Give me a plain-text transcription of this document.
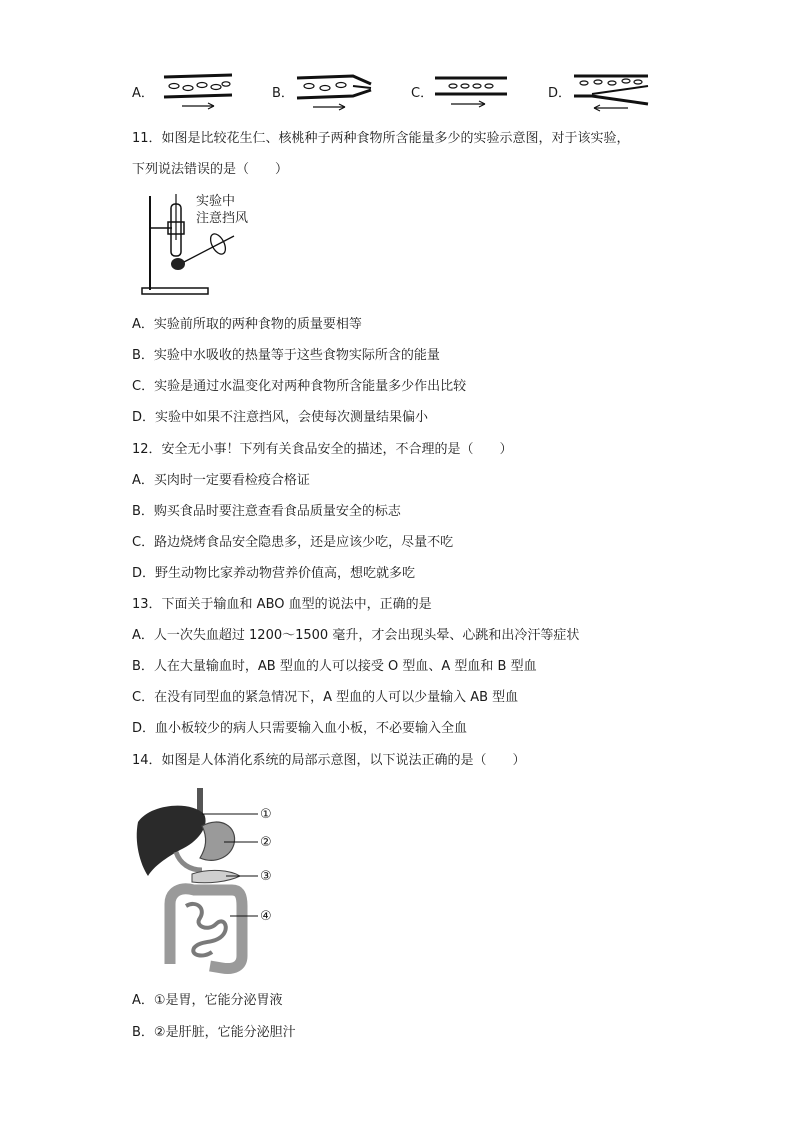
A．	B．	C．	D．
11．如图是比较花生仁、核桃种子两种食物所含能量多少的实验示意图，对于该实验，
下列说法错误的是（　　）
实验中
注意挡风
A．实验前所取的两种食物的质量要相等
B．实验中水吸收的热量等于这些食物实际所含的能量
C．实验是通过水温变化对两种食物所含能量多少作出比较
D．实验中如果不注意挡风，会使每次测量结果偏小
12．安全无小事！下列有关食品安全的描述，不合理的是（　　）
A．买肉时一定要看检疫合格证
B．购买食品时要注意查看食品质量安全的标志
C．路边烧烤食品安全隐患多，还是应该少吃，尽量不吃
D．野生动物比家养动物营养价值高，想吃就多吃
13．下面关于输血和 ABO 血型的说法中，正确的是
A．人一次失血超过 1200～1500 毫升，才会出现头晕、心跳和出冷汗等症状
B．人在大量输血时，AB 型血的人可以接受 O 型血、A 型血和 B 型血
C．在没有同型血的紧急情况下，A 型血的人可以少量输入 AB 型血
D．血小板较少的病人只需要输入血小板，不必要输入全血
14．如图是人体消化系统的局部示意图，以下说法正确的是（　　）
①
②
③
④
A．①是胃，它能分泌胃液
B．②是肝脏，它能分泌胆汁
